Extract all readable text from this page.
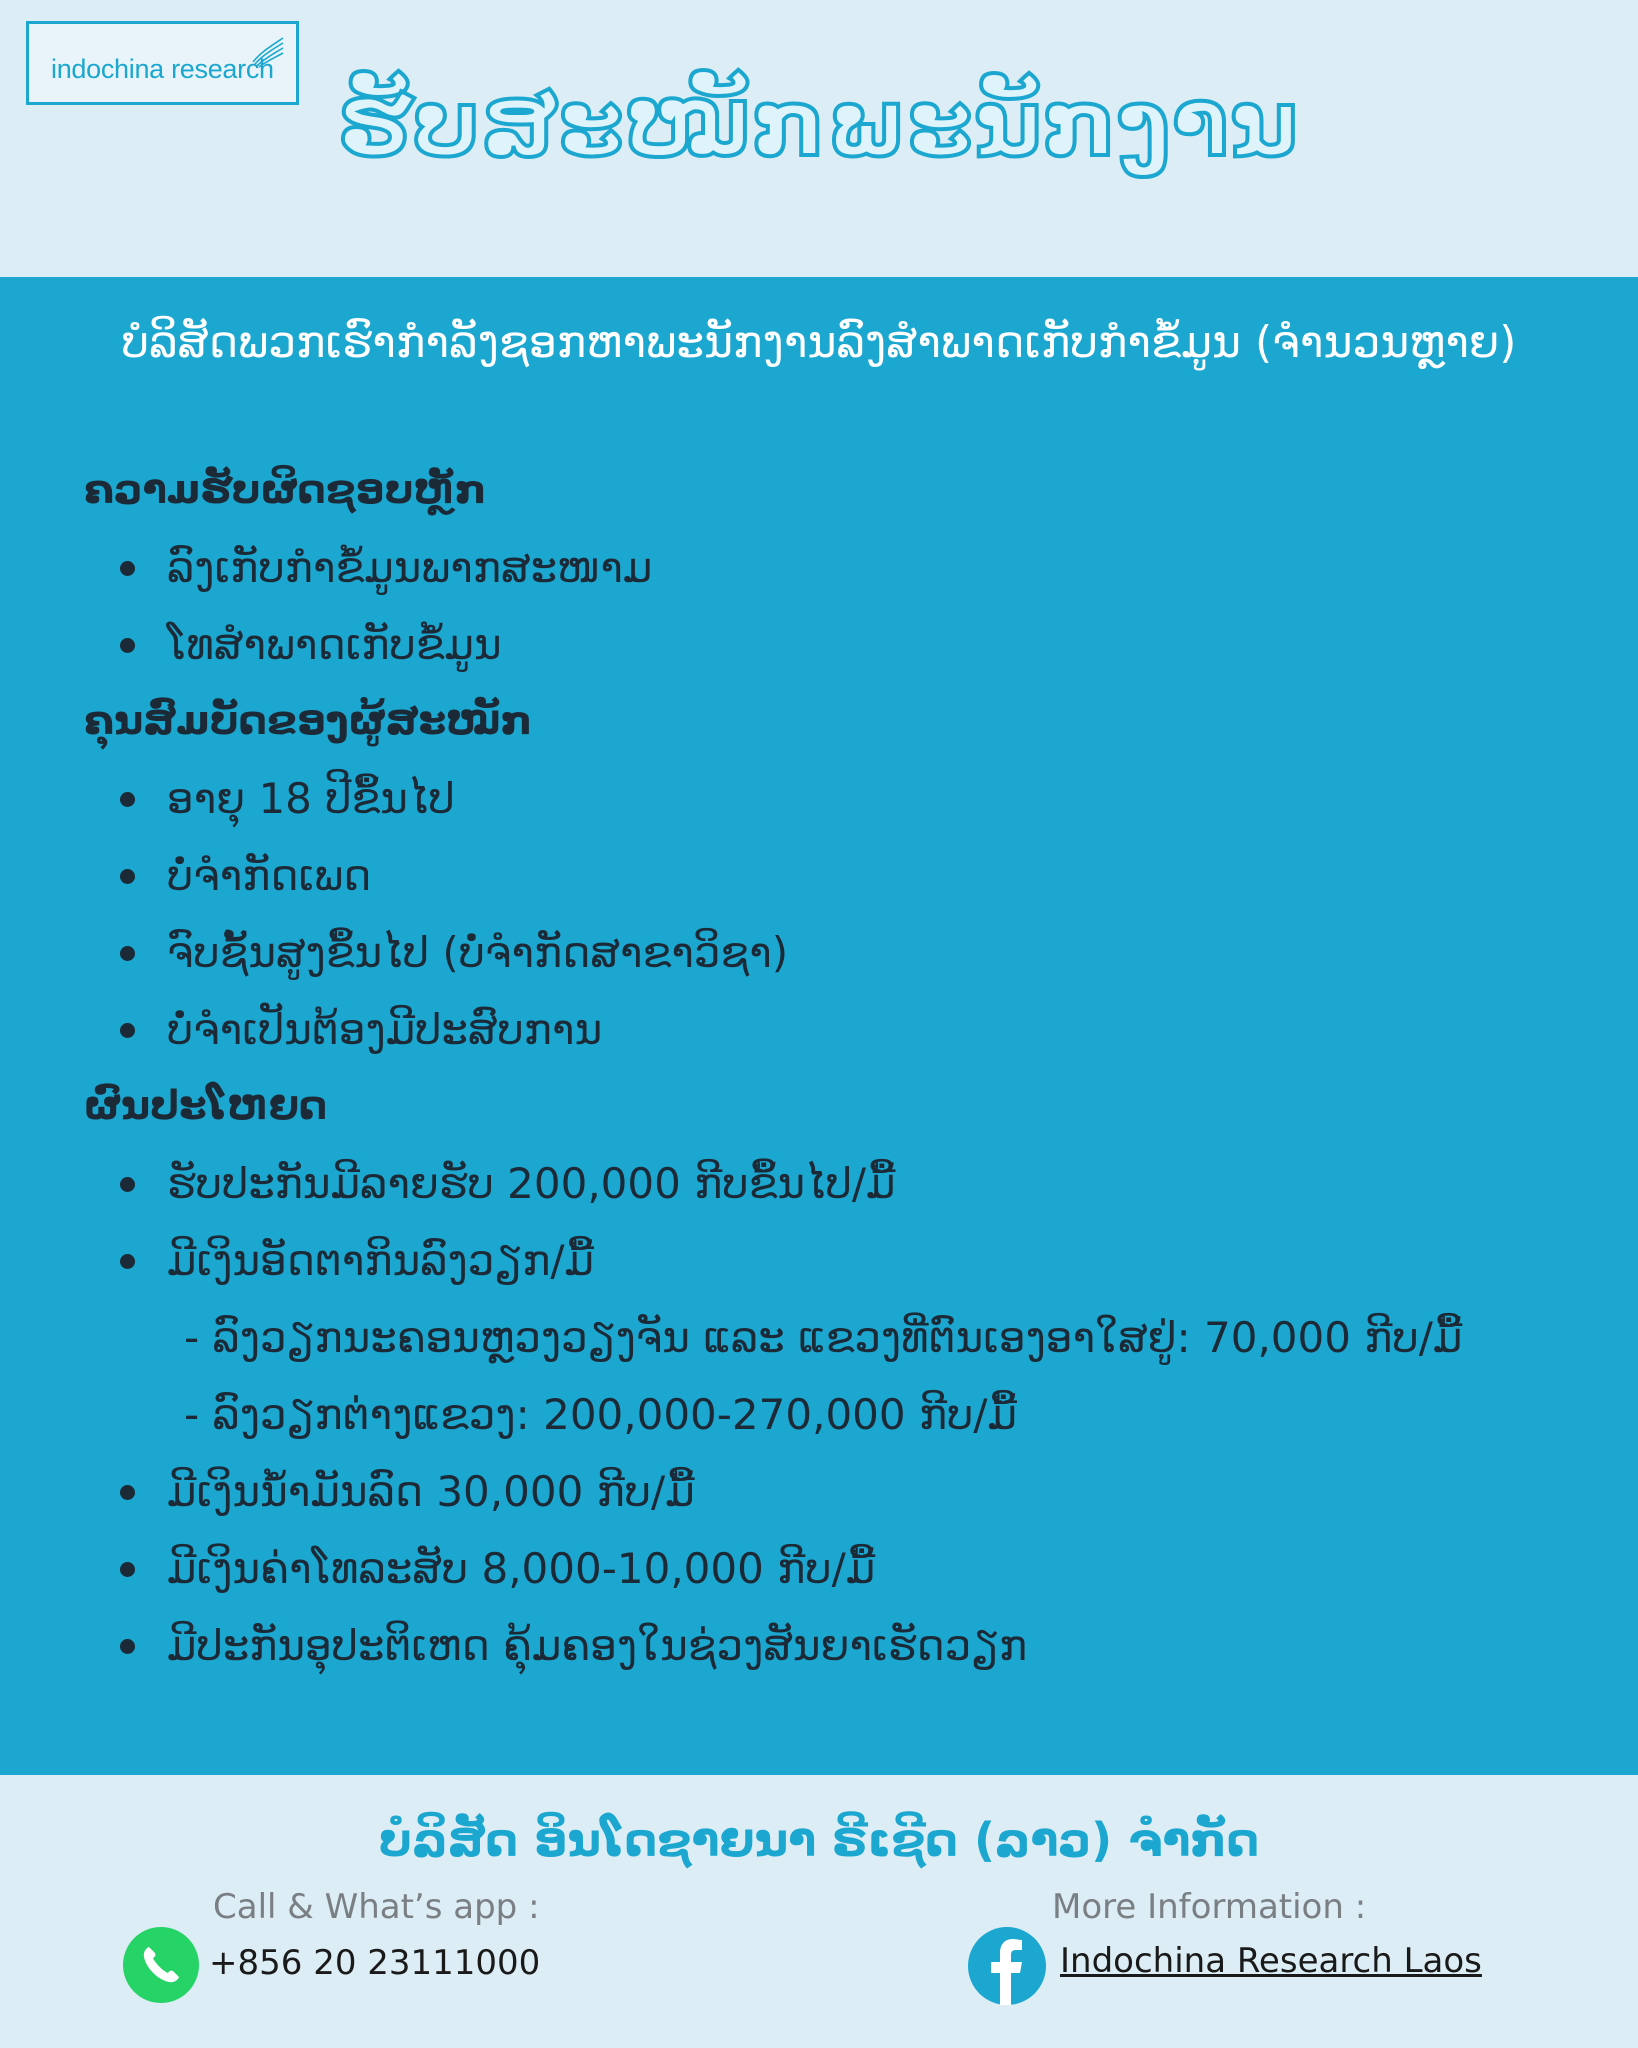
indochina research
ຮັບສະໝັກພະນັກງານ
ບໍລິສັດພວກເຮົາກຳລັງຊອກຫາພະນັກງານລົງສຳພາດເກັບກຳຂໍ້ມູນ (ຈຳນວນຫຼາຍ)
ຄວາມຮັບຜິດຊອບຫຼັກ
ລົງເກັບກຳຂໍ້ມູນພາກສະໜາມ
ໂທສຳພາດເກັບຂໍ້ມູນ
ຄຸນສົມບັດຂອງຜູ້ສະໝັກ
ອາຍຸ 18 ປີຂຶ້ນໄປ
ບໍ່ຈຳກັດເພດ
ຈົບຊັ້ນສູງຂຶ້ນໄປ (ບໍ່ຈຳກັດສາຂາວິຊາ)
ບໍ່ຈຳເປັນຕ້ອງມີປະສົບການ
ຜົນປະໂຫຍດ
ຮັບປະກັນມີລາຍຮັບ 200,000 ກີບຂຶ້ນໄປ/ມື້
ມີເງິນອັດຕາກິນລົງວຽກ/ມື້
- ລົງວຽກນະຄອນຫຼວງວຽງຈັນ ແລະ ແຂວງທີ່ຕົນເອງອາໃສຢູ່: 70,000 ກີບ/ມື້
- ລົງວຽກຕ່າງແຂວງ: 200,000-270,000 ກີບ/ມື້
ມີເງິນນ້ຳມັນລົດ 30,000 ກີບ/ມື້
ມີເງິນຄ່າໂທລະສັບ 8,000-10,000 ກີບ/ມື້
ມີປະກັນອຸປະຕິເຫດ ຄຸ້ມຄອງໃນຊ່ວງສັນຍາເຮັດວຽກ
ບໍລິສັດ ອິນໂດຊາຍນາ ຣີເຊີດ (ລາວ) ຈຳກັດ
Call & What’s app :
+856 20 23111000
More Information :
Indochina Research Laos
